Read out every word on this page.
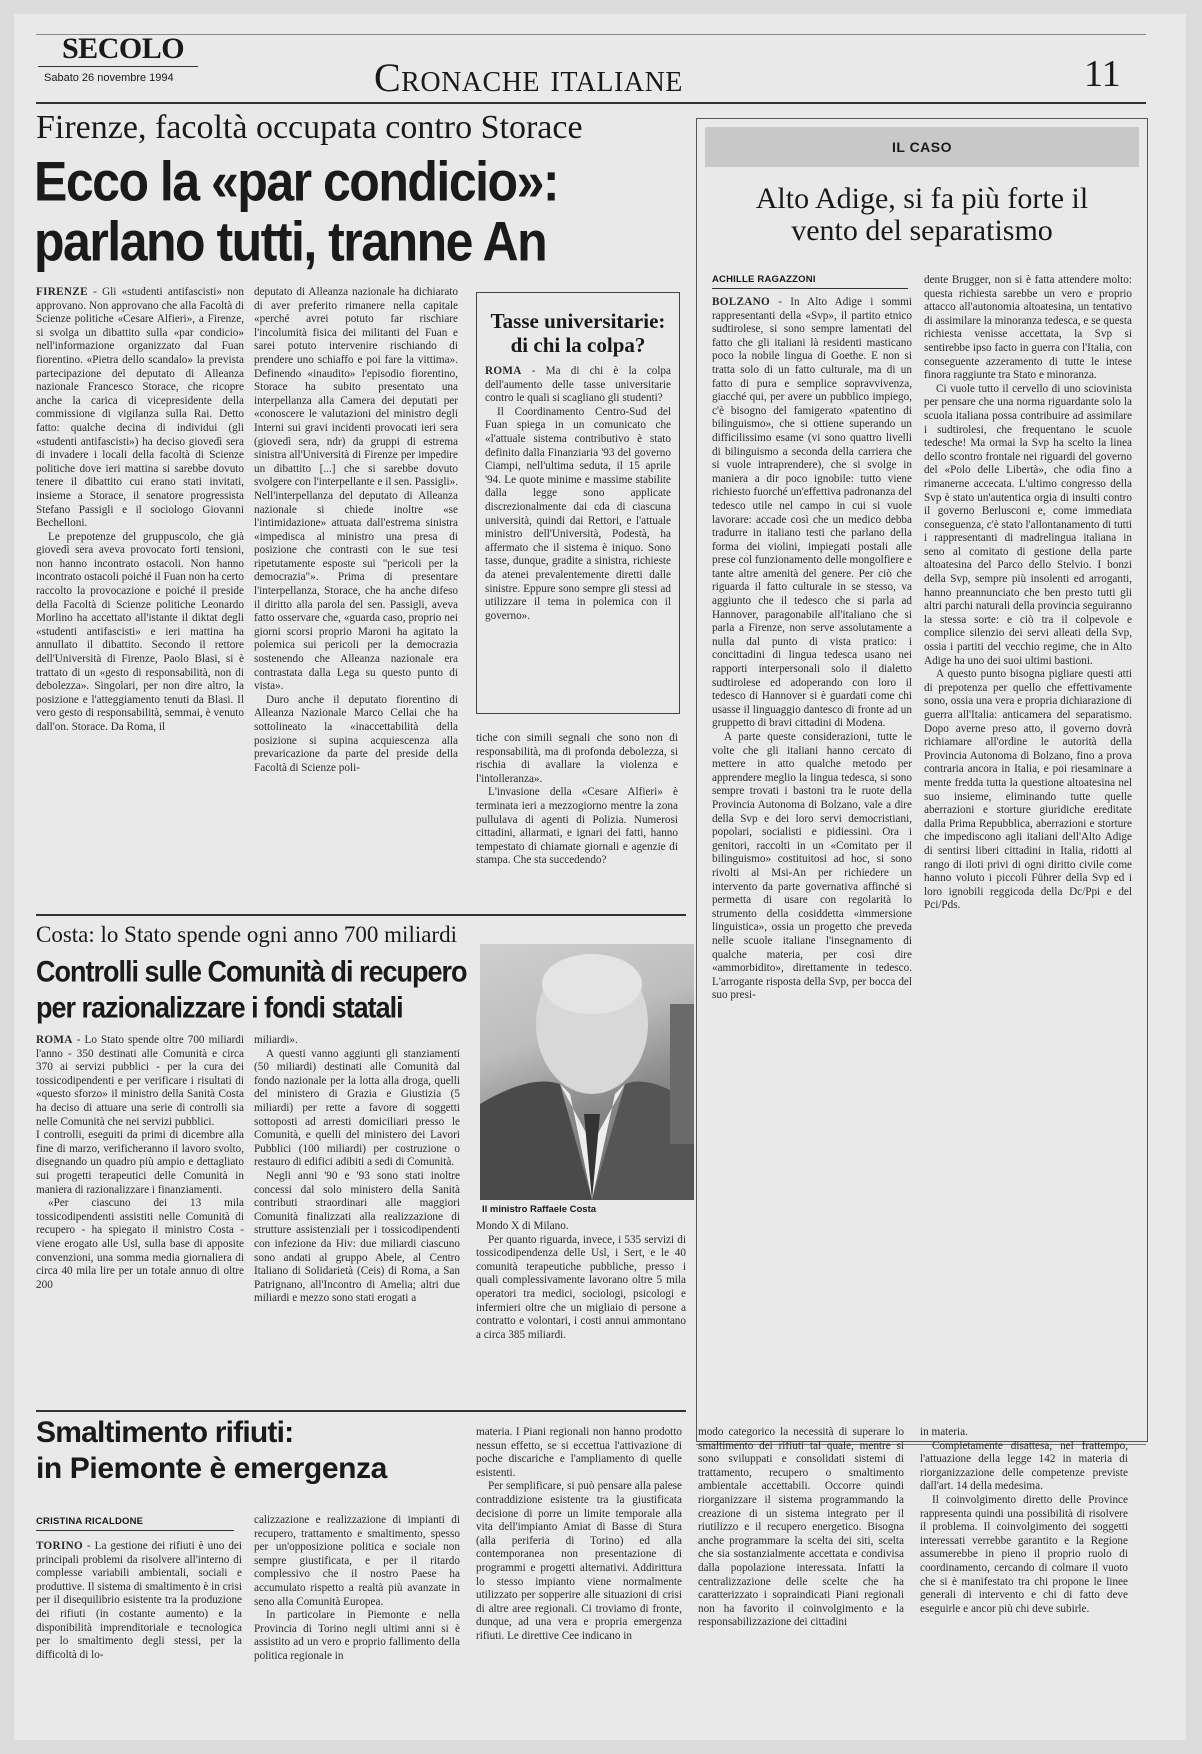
SECOLO
Sabato 26 novembre 1994	Cronache italiane	11
Firenze, facoltà occupata contro Storace
Ecco la «par condicio»:
parlano tutti, tranne An

FIRENZE - Gli «studenti antifascisti» non approvano. Non approvano che alla Facoltà di Scienze politiche «Cesare Alfieri», a Firenze, si svolga un dibattito sulla «par condicio» nell'informazione organizzato dal Fuan fiorentino. «Pietra dello scandalo» la prevista partecipazione del deputato di Alleanza nazionale Francesco Storace, che ricopre anche la carica di vicepresidente della commissione di vigilanza sulla Rai. Detto fatto: qualche decina di individui (gli «studenti antifascisti») ha deciso giovedì sera di invadere i locali della facoltà di Scienze politiche dove ieri mattina si sarebbe dovuto tenere il dibattito cui erano stati invitati, insieme a Storace, il senatore progressista Stefano Passigli e il sociologo Giovanni Bechelloni.

Le prepotenze del gruppuscolo, che già giovedì sera aveva provocato forti tensioni, non hanno incontrato ostacoli. Non hanno incontrato ostacoli poiché il Fuan non ha certo raccolto la provocazione e poiché il preside della Facoltà di Scienze politiche Leonardo Morlino ha accettato all'istante il diktat degli «studenti antifascisti» e ieri mattina ha annullato il dibattito. Secondo il rettore dell'Università di Firenze, Paolo Blasi, si è trattato di un «gesto di responsabilità, non di debolezza». Singolari, per non dire altro, la posizione e l'atteggiamento tenuti da Blasi. Il vero gesto di responsabilità, semmai, è venuto dall'on. Storace. Da Roma, il

deputato di Alleanza nazionale ha dichiarato di aver preferito rimanere nella capitale «perché avrei potuto far rischiare l'incolumità fisica dei militanti del Fuan e sarei potuto intervenire rischiando di prendere uno schiaffo e poi fare la vittima». Definendo «inaudito» l'episodio fiorentino, Storace ha subito presentato una interpellanza alla Camera dei deputati per «conoscere le valutazioni del ministro degli Interni sui gravi incidenti provocati ieri sera (giovedì sera, ndr) da gruppi di estrema sinistra all'Università di Firenze per impedire un dibattito [...] che si sarebbe dovuto svolgere con l'interpellante e il sen. Passigli». Nell'interpellanza del deputato di Alleanza nazionale si chiede inoltre «se l'intimidazione» attuata dall'estrema sinistra «impedisca al ministro una presa di posizione che contrasti con le sue tesi ripetutamente esposte sui "pericoli per la democrazia"». Prima di presentare l'interpellanza, Storace, che ha anche difeso il diritto alla parola del sen. Passigli, aveva fatto osservare che, «guarda caso, proprio nei giorni scorsi proprio Maroni ha agitato la polemica sui pericoli per la democrazia sostenendo che Alleanza nazionale era contrastata dalla Lega su questo punto di vista».

Duro anche il deputato fiorentino di Alleanza Nazionale Marco Cellai che ha sottolineato la «inaccettabilità della posizione si supina acquiescenza alla prevaricazione da parte del preside della Facoltà di Scienze poli-

Tasse universitarie: di chi la colpa?

ROMA - Ma di chi è la colpa dell'aumento delle tasse universitarie contro le quali si scagliano gli studenti?

Il Coordinamento Centro-Sud del Fuan spiega in un comunicato che «l'attuale sistema contributivo è stato definito dalla Finanziaria '93 del governo Ciampi, nell'ultima seduta, il 15 aprile '94. Le quote minime e massime stabilite dalla legge sono applicate discrezionalmente dai cda di ciascuna università, quindi dai Rettori, e l'attuale ministro dell'Università, Podestà, ha affermato che il sistema è iniquo. Sono tasse, dunque, gradite a sinistra, richieste da atenei prevalentemente diretti dalle sinistre. Eppure sono sempre gli stessi ad utilizzare il tema in polemica con il governo».

tiche con simili segnali che sono non di responsabilità, ma di profonda debolezza, si rischia di avallare la violenza e l'intolleranza».

L'invasione della «Cesare Alfieri» è terminata ieri a mezzogiorno mentre la zona pullulava di agenti di Polizia. Numerosi cittadini, allarmati, e ignari dei fatti, hanno tempestato di chiamate giornali e agenzie di stampa. Che sta succedendo?

IL CASO
Alto Adige, si fa più forte il vento del separatismo
ACHILLE RAGAZZONI

BOLZANO - In Alto Adige i sommi rappresentanti della «Svp», il partito etnico sudtirolese, si sono sempre lamentati del fatto che gli italiani là residenti masticano poco la nobile lingua di Goethe. E non si tratta solo di un fatto culturale, ma di un fatto di pura e semplice sopravvivenza, giacché qui, per avere un pubblico impiego, c'è bisogno del famigerato «patentino di bilinguismo», che si ottiene superando un difficilissimo esame (vi sono quattro livelli di bilinguismo a seconda della carriera che si vuole intraprendere), che si svolge in maniera a dir poco ignobile: tutto viene richiesto fuorché un'effettiva padronanza del tedesco utile nel campo in cui si vuole lavorare: accade così che un medico debba tradurre in italiano testi che parlano della forma dei violini, impiegati postali alle prese col funzionamento delle mongolfiere e tante altre amenità del genere. Per ciò che riguarda il fatto culturale in se stesso, va aggiunto che il tedesco che si parla ad Hannover, paragonabile all'italiano che si parla a Firenze, non serve assolutamente a nulla dal punto di vista pratico: i concittadini di lingua tedesca usano nei rapporti interpersonali solo il dialetto sudtirolese ed adoperando con loro il tedesco di Hannover si è guardati come chi usasse il linguaggio dantesco di fronte ad un gruppetto di bravi cittadini di Modena.

A parte queste considerazioni, tutte le volte che gli italiani hanno cercato di mettere in atto qualche metodo per apprendere meglio la lingua tedesca, si sono sempre trovati i bastoni tra le ruote della Provincia Autonoma di Bolzano, vale a dire della Svp e dei loro servi democristiani, popolari, socialisti e pidiessini. Ora i genitori, raccolti in un «Comitato per il bilinguismo» costituitosi ad hoc, si sono rivolti al Msi-An per richiedere un intervento da parte governativa affinché si permetta di usare con regolarità lo strumento della cosiddetta «immersione linguistica», ossia un progetto che preveda nelle scuole italiane l'insegnamento di qualche materia, per così dire «ammorbidito», direttamente in tedesco. L'arrogante risposta della Svp, per bocca del suo presi-

dente Brugger, non si è fatta attendere molto: questa richiesta sarebbe un vero e proprio attacco all'autonomia altoatesina, un tentativo di assimilare la minoranza tedesca, e se questa richiesta venisse accettata, la Svp si sentirebbe ipso facto in guerra con l'Italia, con conseguente azzeramento di tutte le intese finora raggiunte tra Stato e minoranza.

Ci vuole tutto il cervello di uno sciovinista per pensare che una norma riguardante solo la scuola italiana possa contribuire ad assimilare i sudtirolesi, che frequentano le scuole tedesche! Ma ormai la Svp ha scelto la linea dello scontro frontale nei riguardi del governo del «Polo delle Libertà», che odia fino a rimanerne accecata. L'ultimo congresso della Svp è stato un'autentica orgia di insulti contro il governo Berlusconi e, come immediata conseguenza, c'è stato l'allontanamento di tutti i rappresentanti di madrelingua italiana in seno al comitato di gestione della parte altoatesina del Parco dello Stelvio. I bonzi della Svp, sempre più insolenti ed arroganti, hanno preannunciato che ben presto tutti gli altri parchi naturali della provincia seguiranno la stessa sorte: e ciò tra il colpevole e complice silenzio dei servi alleati della Svp, ossia i partiti del vecchio regime, che in Alto Adige ha uno dei suoi ultimi bastioni.

A questo punto bisogna pigliare questi atti di prepotenza per quello che effettivamente sono, ossia una vera e propria dichiarazione di guerra all'Italia: anticamera del separatismo. Dopo averne preso atto, il governo dovrà richiamare all'ordine le autorità della Provincia Autonoma di Bolzano, fino a prova contraria ancora in Italia, e poi riesaminare a mente fredda tutta la questione altoatesina nel suo insieme, eliminando tutte quelle aberrazioni e storture giuridiche ereditate dalla Prima Repubblica, aberrazioni e storture che impediscono agli italiani dell'Alto Adige di sentirsi liberi cittadini in Italia, ridotti al rango di iloti privi di ogni diritto civile come hanno voluto i piccoli Führer della Svp ed i loro ignobili reggicoda della Dc/Ppi e del Pci/Pds.

Costa: lo Stato spende ogni anno 700 miliardi
Controlli sulle Comunità di recupero
per razionalizzare i fondi statali

ROMA - Lo Stato spende oltre 700 miliardi l'anno - 350 destinati alle Comunità e circa 370 ai servizi pubblici - per la cura dei tossicodipendenti e per verificare i risultati di «questo sforzo» il ministro della Sanità Costa ha deciso di attuare una serie di controlli sia nelle Comunità che nei servizi pubblici.

I controlli, eseguiti da primi di dicembre alla fine di marzo, verificheranno il lavoro svolto, disegnando un quadro più ampio e dettagliato sui progetti terapeutici delle Comunità in maniera di razionalizzare i finanziamenti.

«Per ciascuno dei 13 mila tossicodipendenti assistiti nelle Comunità di recupero - ha spiegato il ministro Costa - viene erogato alle Usl, sulla base di apposite convenzioni, una somma media giornaliera di circa 40 mila lire per un totale annuo di oltre 200

miliardi».

A questi vanno aggiunti gli stanziamenti (50 miliardi) destinati alle Comunità dal fondo nazionale per la lotta alla droga, quelli del ministero di Grazia e Giustizia (5 miliardi) per rette a favore di soggetti sottoposti ad arresti domiciliari presso le Comunità, e quelli del ministero dei Lavori Pubblici (100 miliardi) per costruzione o restauro di edifici adibiti a sedi di Comunità.

Negli anni '90 e '93 sono stati inoltre concessi dal solo ministero della Sanità contributi straordinari alle maggiori Comunità finalizzati alla realizzazione di strutture assistenziali per i tossicodipendenti con infezione da Hiv: due miliardi ciascuno sono andati al gruppo Abele, al Centro Italiano di Solidarietà (Ceis) di Roma, a San Patrignano, all'Incontro di Amelia; altri due miliardi e mezzo sono stati erogati a

Il ministro Raffaele Costa

Mondo X di Milano.

Per quanto riguarda, invece, i 535 servizi di tossicodipendenza delle Usl, i Sert, e le 40 comunità terapeutiche pubbliche, presso i quali complessivamente lavorano oltre 5 mila operatori tra medici, sociologi, psicologi e infermieri oltre che un migliaio di persone a contratto e volontari, i costi annui ammontano a circa 385 miliardi.

Smaltimento rifiuti:
in Piemonte è emergenza
CRISTINA RICALDONE

TORINO - La gestione dei rifiuti è uno dei principali problemi da risolvere all'interno di complesse variabili ambientali, sociali e produttive. Il sistema di smaltimento è in crisi per il disequilibrio esistente tra la produzione dei rifiuti (in costante aumento) e la disponibilità imprenditoriale e tecnologica per lo smaltimento degli stessi, per la difficoltà di lo-

calizzazione e realizzazione di impianti di recupero, trattamento e smaltimento, spesso per un'opposizione politica e sociale non sempre giustificata, e per il ritardo complessivo che il nostro Paese ha accumulato rispetto a realtà più avanzate in seno alla Comunità Europea.

In particolare in Piemonte e nella Provincia di Torino negli ultimi anni si è assistito ad un vero e proprio fallimento della politica regionale in

materia. I Piani regionali non hanno prodotto nessun effetto, se si eccettua l'attivazione di poche discariche e l'ampliamento di quelle esistenti.

Per semplificare, si può pensare alla palese contraddizione esistente tra la giustificata decisione di porre un limite temporale alla vita dell'impianto Amiat di Basse di Stura (alla periferia di Torino) ed alla contemporanea non presentazione di programmi e progetti alternativi. Addirittura lo stesso impianto viene normalmente utilizzato per sopperire alle situazioni di crisi di altre aree regionali. Ci troviamo di fronte, dunque, ad una vera e propria emergenza rifiuti. Le direttive Cee indicano in

modo categorico la necessità di superare lo smaltimento dei rifiuti tal quale, mentre si sono sviluppati e consolidati sistemi di trattamento, recupero o smaltimento ambientale accettabili. Occorre quindi riorganizzare il sistema programmando la creazione di un sistema integrato per il riutilizzo e il recupero energetico. Bisogna anche programmare la scelta dei siti, scelta che sia sostanzialmente accettata e condivisa dalla popolazione interessata. Infatti la centralizzazione delle scelte che ha caratterizzato i sopraindicati Piani regionali non ha favorito il coinvolgimento e la responsabilizzazione dei cittadini

in materia.

Completamente disattesa, nel frattempo, l'attuazione della legge 142 in materia di riorganizzazione delle competenze previste dall'art. 14 della medesima.

Il coinvolgimento diretto delle Province rappresenta quindi una possibilità di risolvere il problema. Il coinvolgimento dei soggetti interessati verrebbe garantito e la Regione assumerebbe in pieno il proprio ruolo di coordinamento, cercando di colmare il vuoto che si è manifestato tra chi propone le linee generali di intervento e chi di fatto deve eseguirle e ancor più chi deve subirle.
